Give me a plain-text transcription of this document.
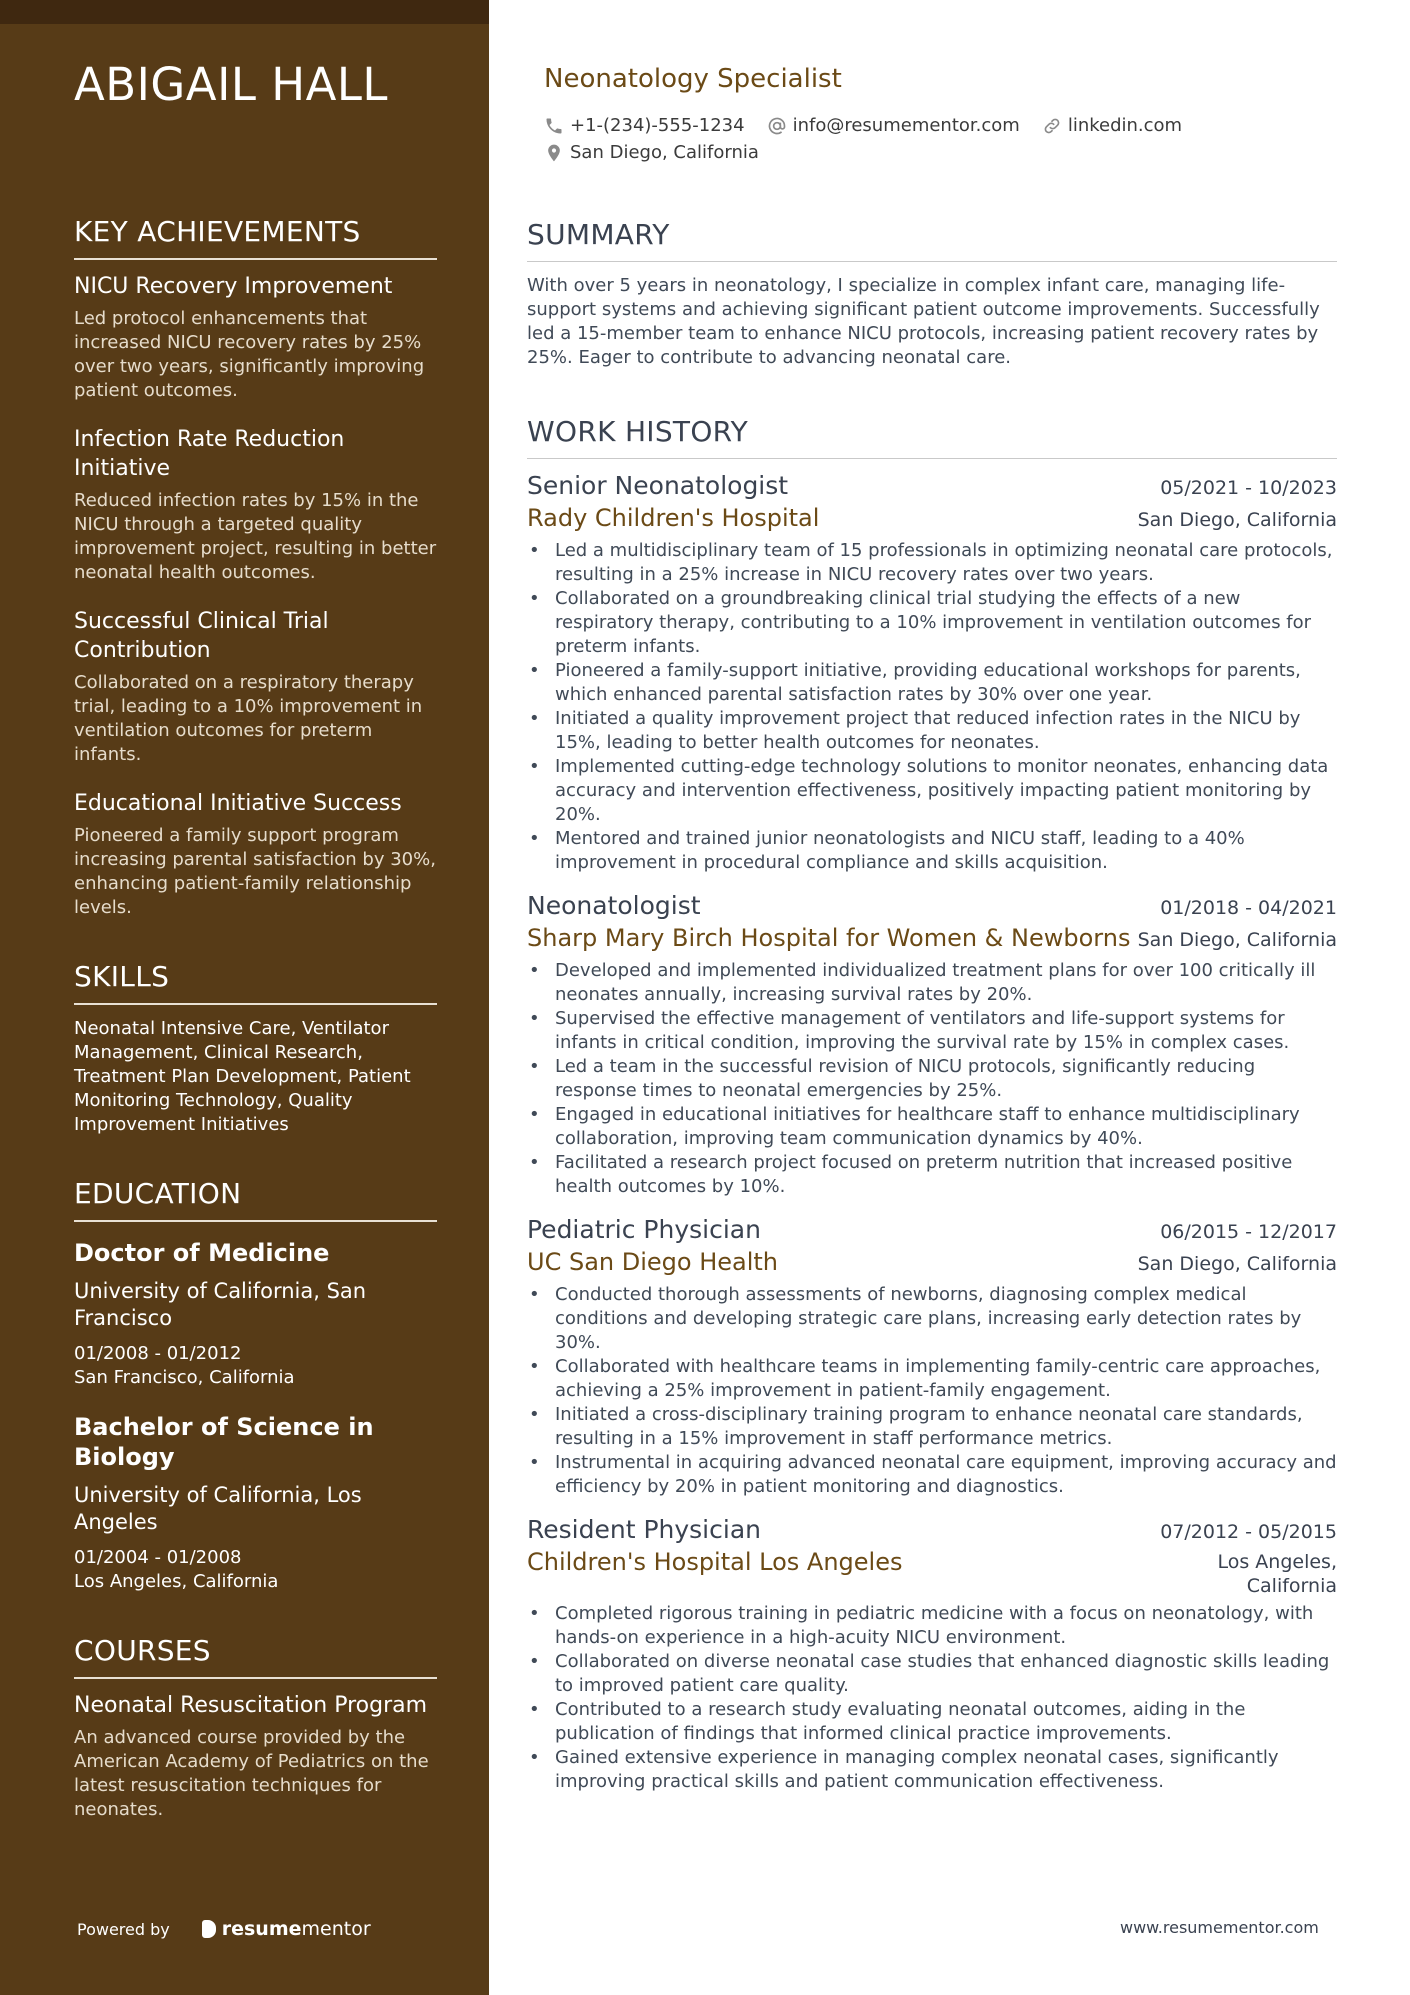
ABIGAIL HALL
KEY ACHIEVEMENTS
NICU Recovery Improvement
Led protocol enhancements that increased NICU recovery rates by 25% over two years, significantly improving patient outcomes.
Infection Rate Reduction Initiative
Reduced infection rates by 15% in the NICU through a targeted quality improvement project, resulting in better neonatal health outcomes.
Successful Clinical Trial Contribution
Collaborated on a respiratory therapy trial, leading to a 10% improvement in ventilation outcomes for preterm infants.
Educational Initiative Success
Pioneered a family support program increasing parental satisfaction by 30%, enhancing patient-family relationship levels.
SKILLS

Neonatal Intensive Care, Ventilator Management, Clinical Research, Treatment Plan Development, Patient Monitoring Technology, Quality Improvement Initiatives

EDUCATION
Doctor of Medicine
University of California, San Francisco
01/2008 - 01/2012
San Francisco, California
Bachelor of Science in Biology
University of California, Los Angeles
01/2004 - 01/2008
Los Angeles, California
COURSES
Neonatal Resuscitation Program
An advanced course provided by the American Academy of Pediatrics on the latest resuscitation techniques for neonates.
Powered by	resume mentor
Neonatology Specialist
+1-(234)-555-1234	info@resumementor.com	linkedin.com
San Diego, California
SUMMARY

With over 5 years in neonatology, I specialize in complex infant care, managing life-support systems and achieving significant patient outcome improvements. Successfully led a 15-member team to enhance NICU protocols, increasing patient recovery rates by 25%. Eager to contribute to advancing neonatal care.

WORK HISTORY
Senior Neonatologist	05/2021 - 10/2023
Rady Children's Hospital	San Diego, California
• Led a multidisciplinary team of 15 professionals in optimizing neonatal care protocols, resulting in a 25% increase in NICU recovery rates over two years.
• Collaborated on a groundbreaking clinical trial studying the effects of a new respiratory therapy, contributing to a 10% improvement in ventilation outcomes for preterm infants.
• Pioneered a family-support initiative, providing educational workshops for parents, which enhanced parental satisfaction rates by 30% over one year.
• Initiated a quality improvement project that reduced infection rates in the NICU by 15%, leading to better health outcomes for neonates.
• Implemented cutting-edge technology solutions to monitor neonates, enhancing data accuracy and intervention effectiveness, positively impacting patient monitoring by 20%.
• Mentored and trained junior neonatologists and NICU staff, leading to a 40% improvement in procedural compliance and skills acquisition.
Neonatologist	01/2018 - 04/2021
Sharp Mary Birch Hospital for Women & Newborns San Diego, California
• Developed and implemented individualized treatment plans for over 100 critically ill neonates annually, increasing survival rates by 20%.
• Supervised the effective management of ventilators and life-support systems for infants in critical condition, improving the survival rate by 15% in complex cases.
• Led a team in the successful revision of NICU protocols, significantly reducing response times to neonatal emergencies by 25%.
• Engaged in educational initiatives for healthcare staff to enhance multidisciplinary collaboration, improving team communication dynamics by 40%.
• Facilitated a research project focused on preterm nutrition that increased positive health outcomes by 10%.
Pediatric Physician	06/2015 - 12/2017
UC San Diego Health	San Diego, California
• Conducted thorough assessments of newborns, diagnosing complex medical conditions and developing strategic care plans, increasing early detection rates by 30%.
• Collaborated with healthcare teams in implementing family-centric care approaches, achieving a 25% improvement in patient-family engagement.
• Initiated a cross-disciplinary training program to enhance neonatal care standards, resulting in a 15% improvement in staff performance metrics.
• Instrumental in acquiring advanced neonatal care equipment, improving accuracy and efficiency by 20% in patient monitoring and diagnostics.
Resident Physician	07/2012 - 05/2015
Children's Hospital Los Angeles	Los Angeles, California
• Completed rigorous training in pediatric medicine with a focus on neonatology, with hands-on experience in a high-acuity NICU environment.
• Collaborated on diverse neonatal case studies that enhanced diagnostic skills leading to improved patient care quality.
• Contributed to a research study evaluating neonatal outcomes, aiding in the publication of findings that informed clinical practice improvements.
• Gained extensive experience in managing complex neonatal cases, significantly improving practical skills and patient communication effectiveness.
www.resumementor.com
